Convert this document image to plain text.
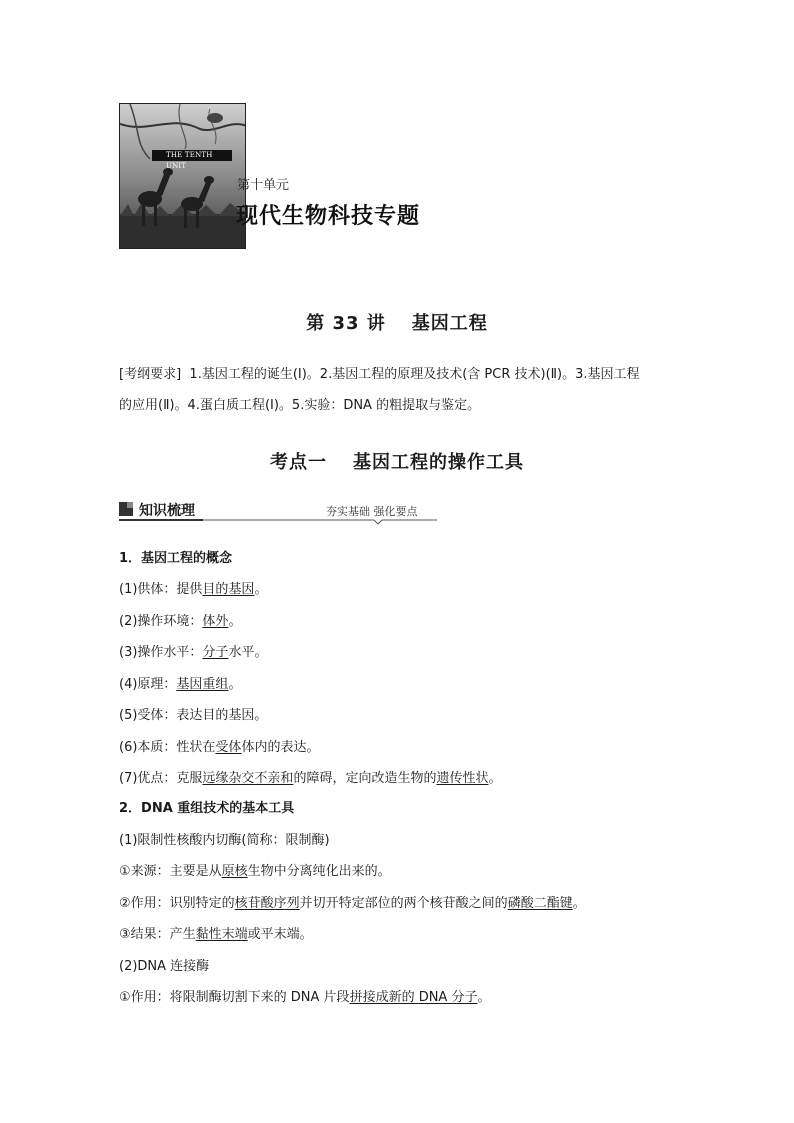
THE TENTH UNIT
第十单元
现代生物科技专题
第 33 讲 基因工程
[考纲要求] 1.基因工程的诞生(Ⅰ)。2.基因工程的原理及技术(含 PCR 技术)(Ⅱ)。3.基因工程
的应用(Ⅱ)。4.蛋白质工程(Ⅰ)。5.实验：DNA 的粗提取与鉴定。
考点一 基因工程的操作工具
知识梳理	夯实基础 强化要点
1．基因工程的概念
(1)供体：提供目的基因。
(2)操作环境：体外。
(3)操作水平：分子水平。
(4)原理：基因重组。
(5)受体：表达目的基因。
(6)本质：性状在受体体内的表达。
(7)优点：克服远缘杂交不亲和的障碍，定向改造生物的遗传性状。
2．DNA 重组技术的基本工具
(1)限制性核酸内切酶(简称：限制酶)
①来源：主要是从原核生物中分离纯化出来的。
②作用：识别特定的核苷酸序列并切开特定部位的两个核苷酸之间的磷酸二酯键。
③结果：产生黏性末端或平末端。
(2)DNA 连接酶
①作用：将限制酶切割下来的 DNA 片段拼接成新的 DNA 分子。
